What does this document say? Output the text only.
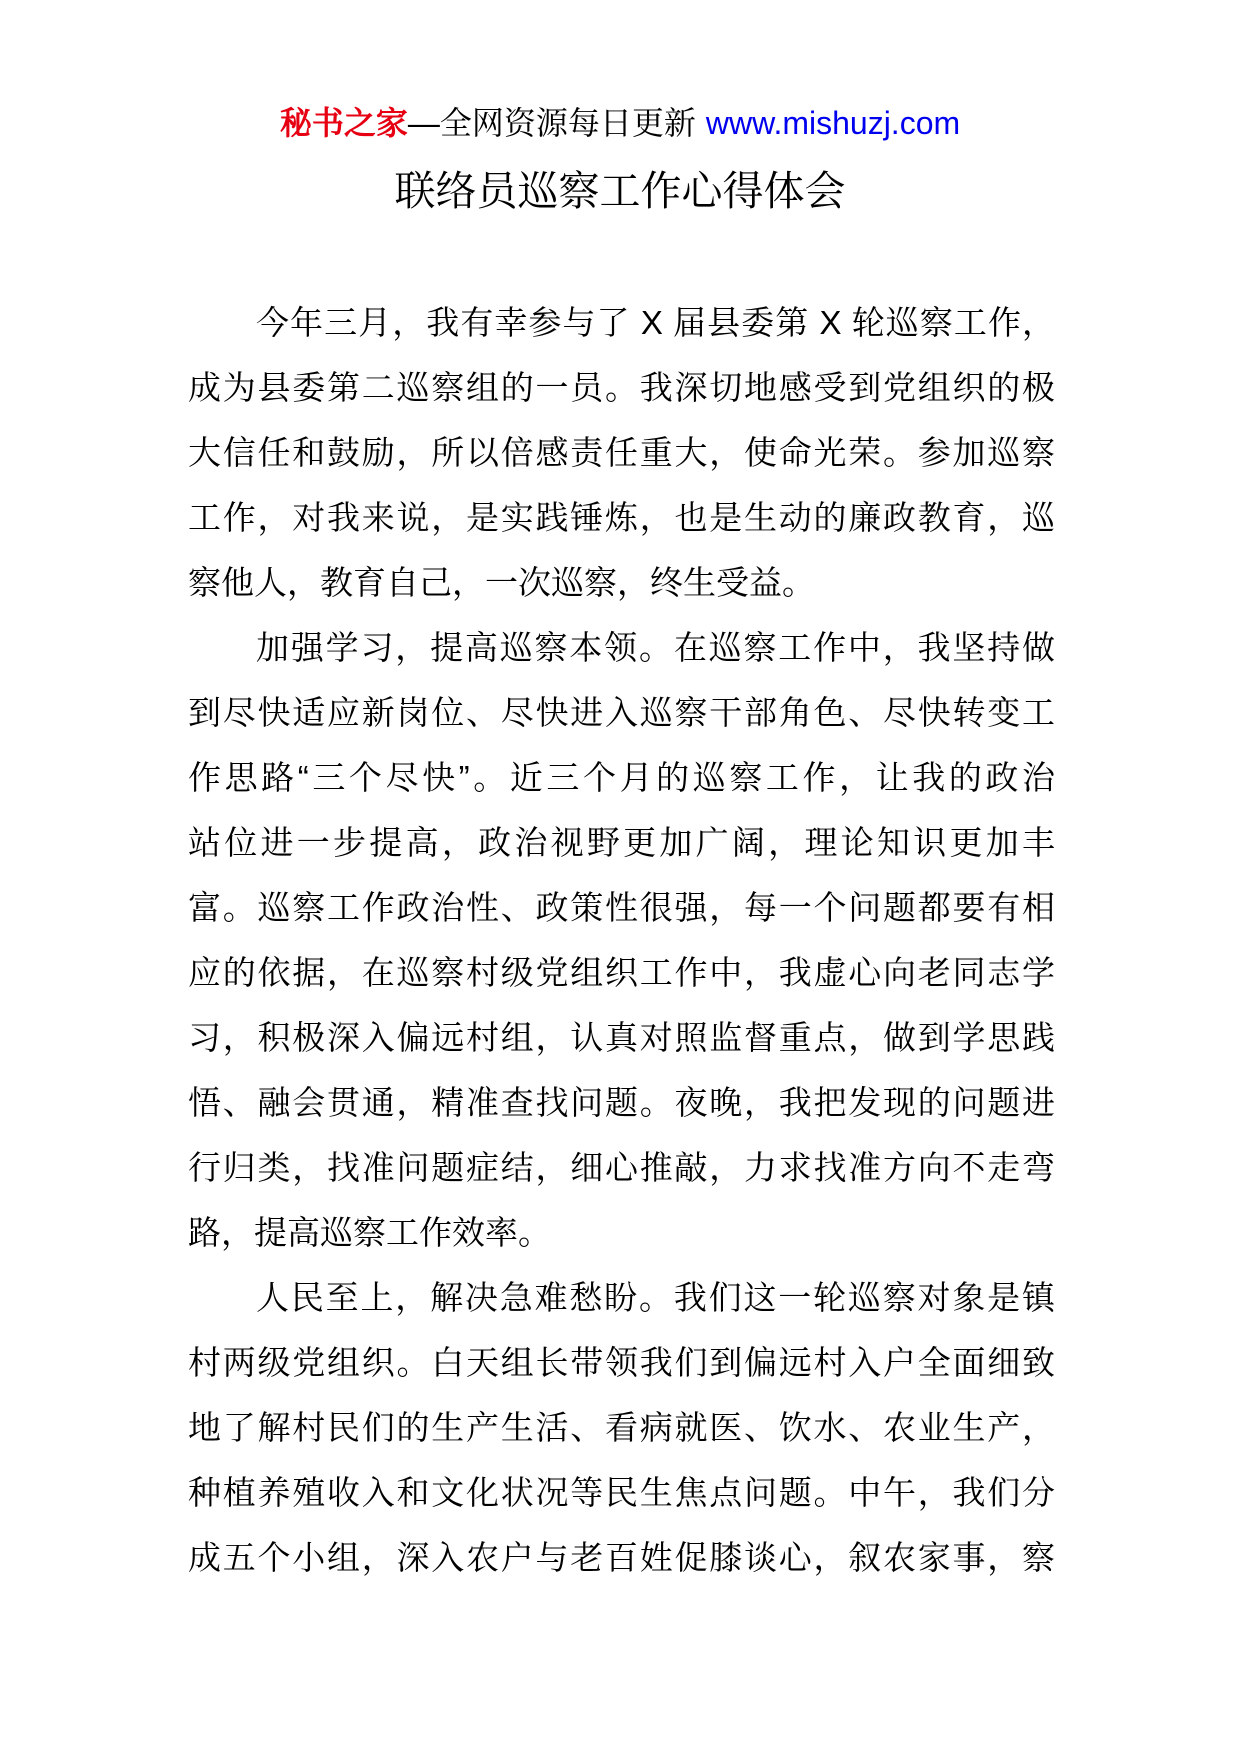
秘书之家—全网资源每日更新 www.mishuzj.com
联络员巡察工作心得体会
今年三月，我有幸参与了 X 届县委第 X 轮巡察工作，
成为县委第二巡察组的一员。我深切地感受到党组织的极
大信任和鼓励，所以倍感责任重大，使命光荣。参加巡察
工作，对我来说，是实践锤炼，也是生动的廉政教育，巡
察他人，教育自己，一次巡察，终生受益。
加强学习，提高巡察本领。在巡察工作中，我坚持做
到尽快适应新岗位、尽快进入巡察干部角色、尽快转变工
作思路“三个尽快”。近三个月的巡察工作，让我的政治
站位进一步提高，政治视野更加广阔，理论知识更加丰
富。巡察工作政治性、政策性很强，每一个问题都要有相
应的依据，在巡察村级党组织工作中，我虚心向老同志学
习，积极深入偏远村组，认真对照监督重点，做到学思践
悟、融会贯通，精准查找问题。夜晚，我把发现的问题进
行归类，找准问题症结，细心推敲，力求找准方向不走弯
路，提高巡察工作效率。
人民至上，解决急难愁盼。我们这一轮巡察对象是镇
村两级党组织。白天组长带领我们到偏远村入户全面细致
地了解村民们的生产生活、看病就医、饮水、农业生产，
种植养殖收入和文化状况等民生焦点问题。中午，我们分
成五个小组，深入农户与老百姓促膝谈心，叙农家事，察
